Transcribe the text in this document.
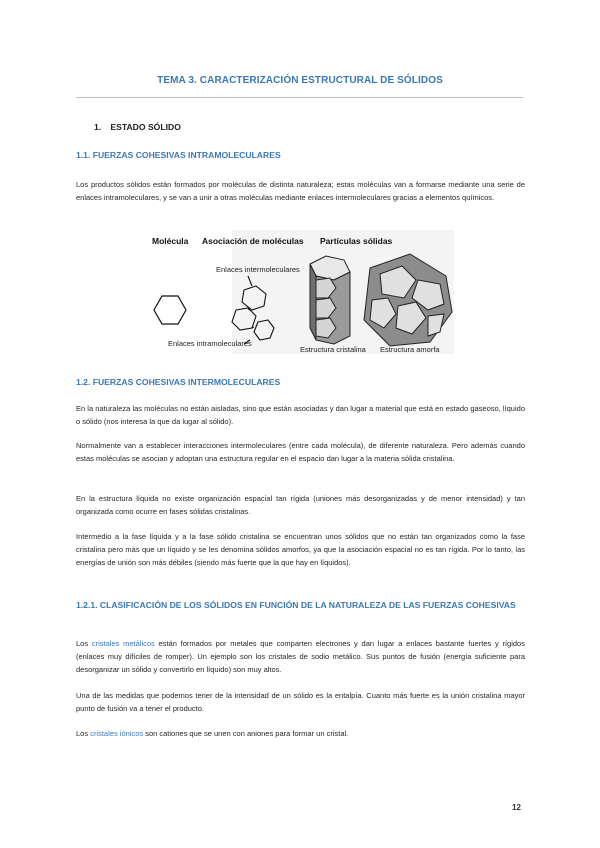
TEMA 3. CARACTERIZACIÓN ESTRUCTURAL DE SÓLIDOS
1. ESTADO SÓLIDO
1.1. FUERZAS COHESIVAS INTRAMOLECULARES
Los productos sólidos están formados por moléculas de distinta naturaleza; estas moléculas van a formarse mediante una serie de enlaces intramoleculares, y se van a unir a otras moléculas mediante enlaces intermoleculares gracias a elementos químicos.
Molécula Asociación de moléculas Partículas sólidas
Enlaces intermoleculares
Enlaces intramoleculares
Estructura cristalina Estructura amorfa
1.2. FUERZAS COHESIVAS INTERMOLECULARES
En la naturaleza las moléculas no están aisladas, sino que están asociadas y dan lugar a material que está en estado gaseoso, líquido o sólido (nos interesa la que da lugar al sólido).
Normalmente van a establecer interacciones intermoleculares (entre cada molécula), de diferente naturaleza. Pero además cuando estas moléculas se asocian y adoptan una estructura regular en el espacio dan lugar a la materia sólida cristalina.
En la estructura líquida no existe organización espacial tan rígida (uniones más desorganizadas y de menor intensidad) y tan organizada como ocurre en fases sólidas cristalinas.
Intermedio a la fase líquida y a la fase sólido cristalina se encuentran unos sólidos que no están tan organizados como la fase cristalina pero más que un líquido y se les denomina sólidos amorfos, ya que la asociación espacial no es tan rígida. Por lo tanto, las energías de unión son más débiles (siendo más fuerte que la que hay en líquidos).
1.2.1. CLASIFICACIÓN DE LOS SÓLIDOS EN FUNCIÓN DE LA NATURALEZA DE LAS FUERZAS COHESIVAS
Los cristales metálicos están formados por metales que comparten electrones y dan lugar a enlaces bastante fuertes y rígidos (enlaces muy difíciles de romper). Un ejemplo son los cristales de sodio metálico. Sus puntos de fusión (energía suficiente para desorganizar un sólido y convertirlo en líquido) son muy altos.
Una de las medidas que podemos tener de la intensidad de un sólido es la entalpía. Cuanto más fuerte es la unión cristalina mayor punto de fusión va a tener el producto.
Los cristales iónicos son cationes que se unen con aniones para formar un cristal.
12
